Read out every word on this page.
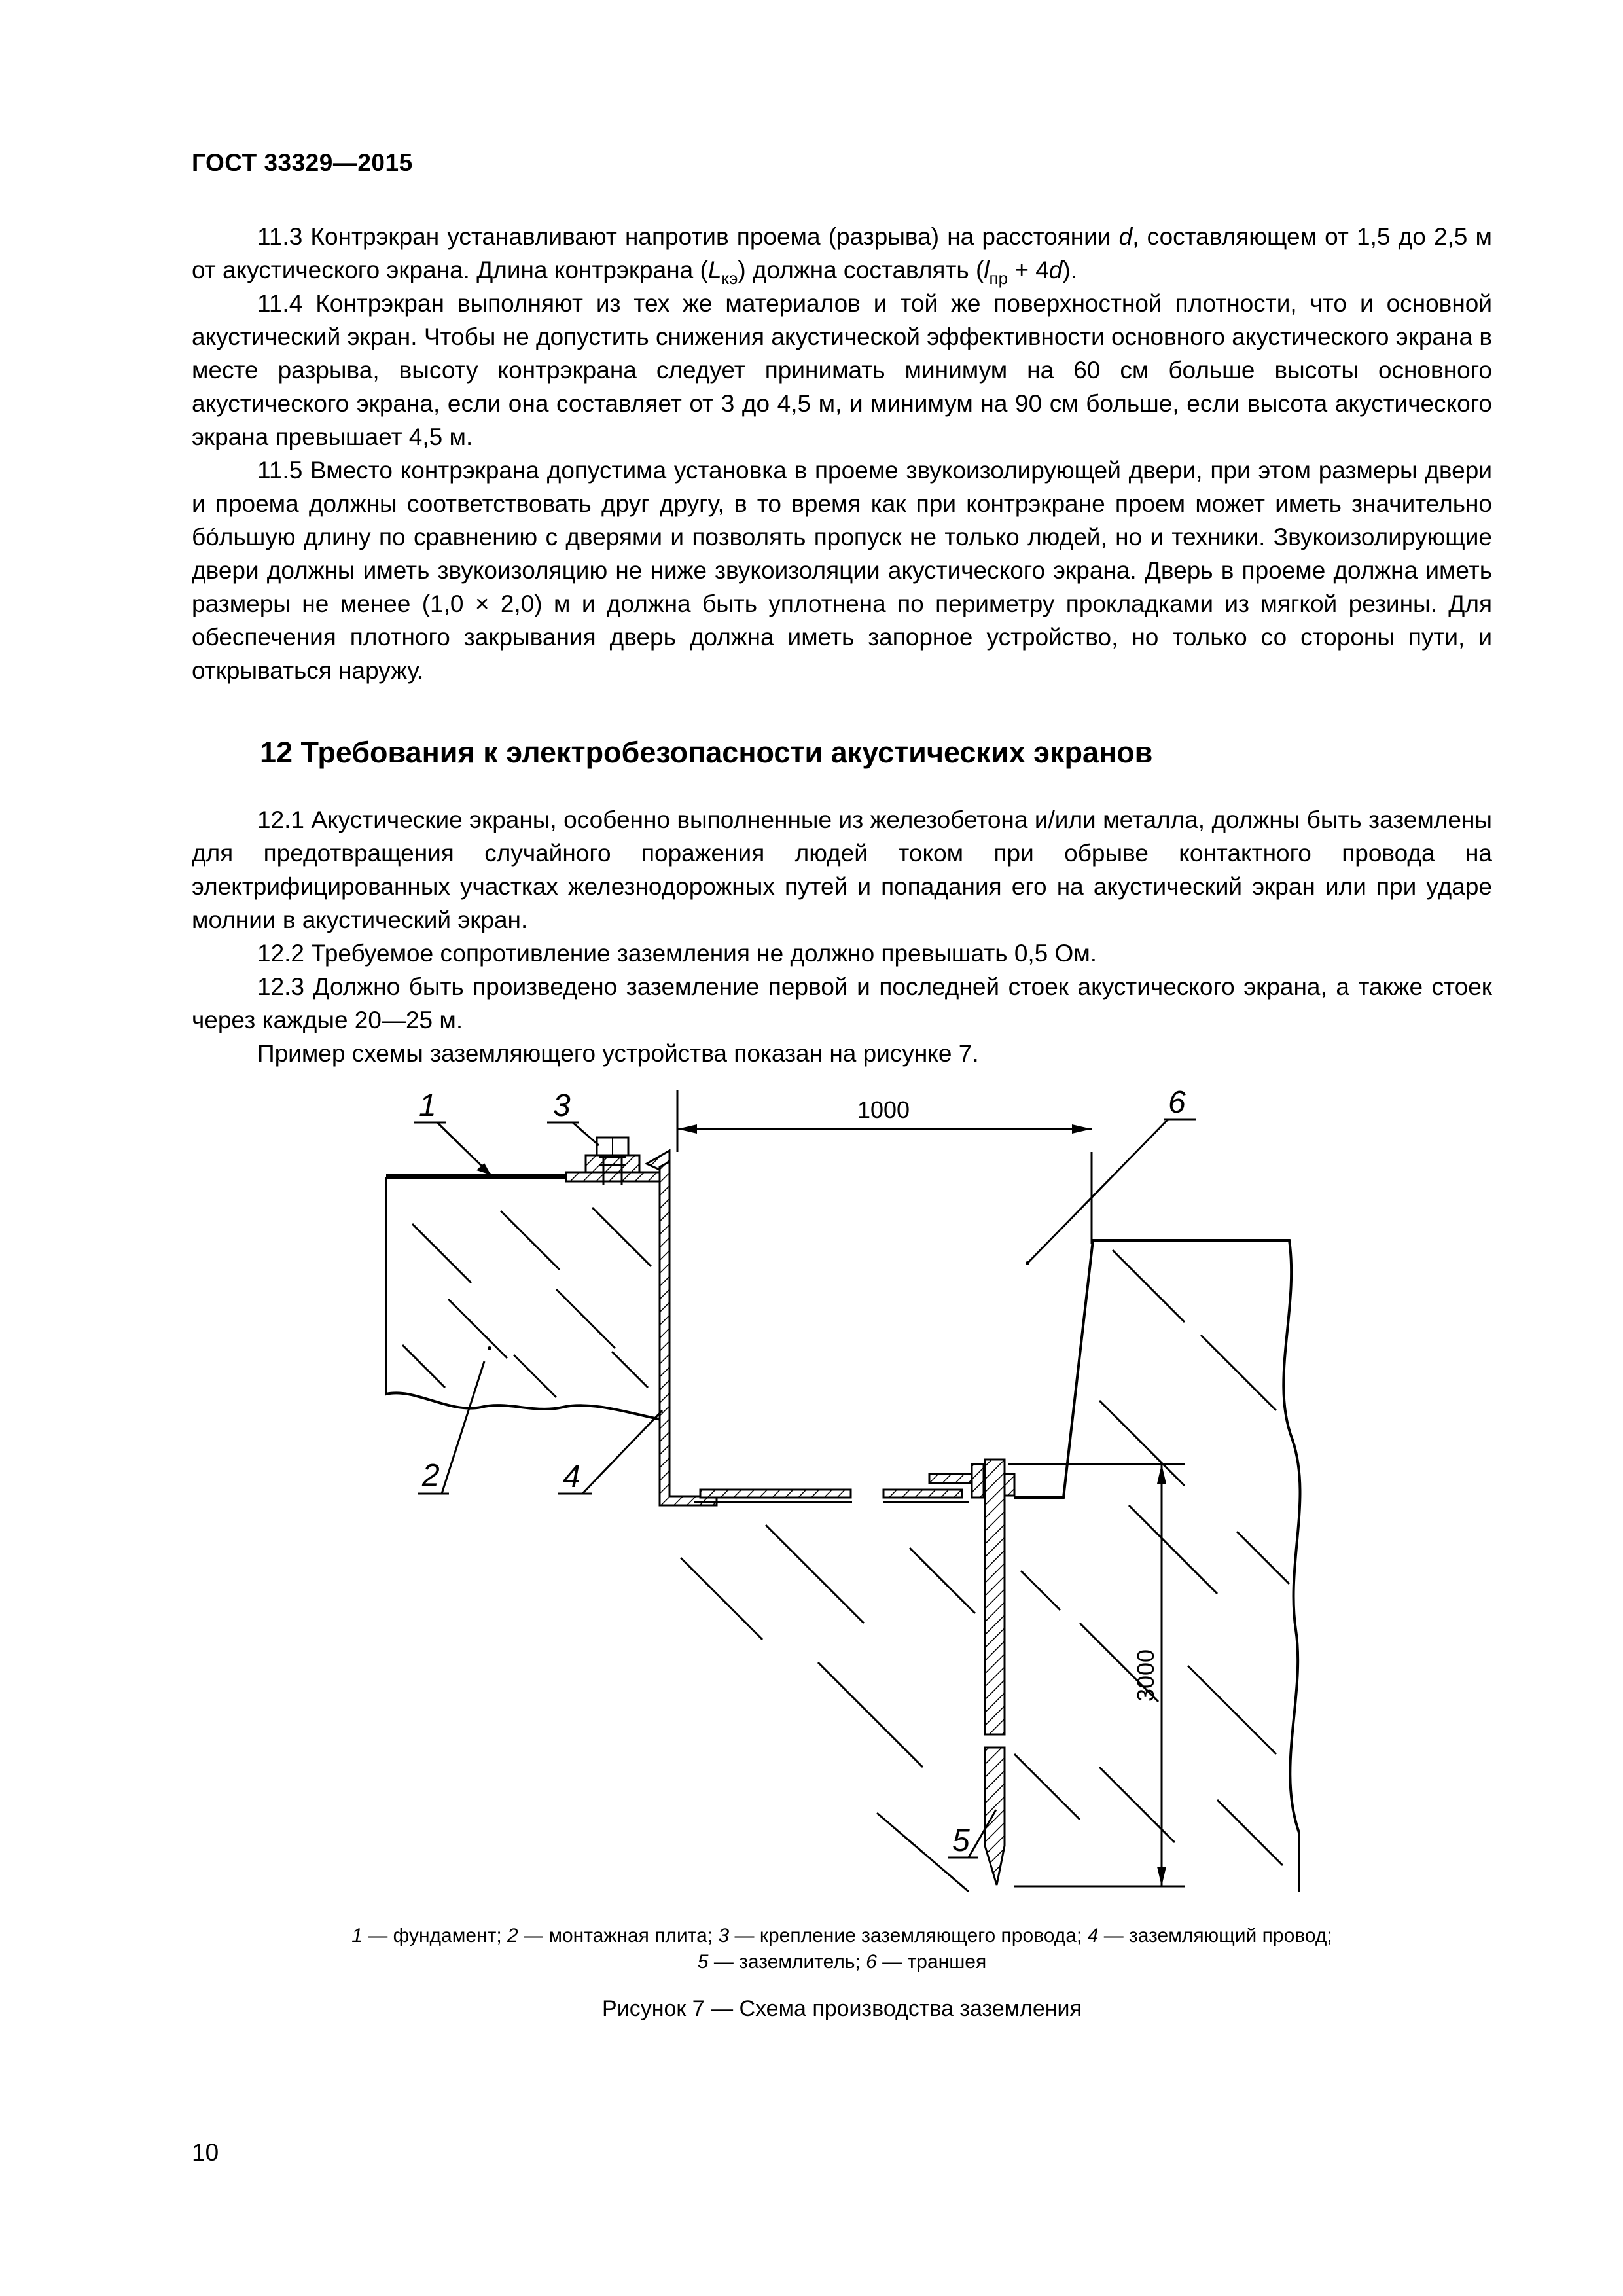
ГОСТ 33329—2015

11.3 Контрэкран устанавливают напротив проема (разрыва) на расстоянии d, составляющем от 1,5 до 2,5 м от акустического экрана. Длина контрэкрана $(L_{кэ})$ должна составлять $(l_{пр} + 4d)$.

11.4 Контрэкран выполняют из тех же материалов и той же поверхностной плотности, что и основной акустический экран. Чтобы не допустить снижения акустической эффективности основного акустического экрана в месте разрыва, высоту контрэкрана следует принимать минимум на 60 см больше высоты основного акустического экрана, если она составляет от 3 до 4,5 м, и минимум на 90 см больше, если высота акустического экрана превышает 4,5 м.

11.5 Вместо контрэкрана допустима установка в проеме звукоизолирующей двери, при этом размеры двери и проема должны соответствовать друг другу, в то время как при контрэкране проем может иметь значительно бо́льшую длину по сравнению с дверями и позволять пропуск не только людей, но и техники. Звукоизолирующие двери должны иметь звукоизоляцию не ниже звукоизоляции акустического экрана. Дверь в проеме должна иметь размеры не менее (1,0 × 2,0) м и должна быть уплотнена по периметру прокладками из мягкой резины. Для обеспечения плотного закрывания дверь должна иметь запорное устройство, но только со стороны пути, и открываться наружу.

12 Требования к электробезопасности акустических экранов

12.1 Акустические экраны, особенно выполненные из железобетона и/или металла, должны быть заземлены для предотвращения случайного поражения людей током при обрыве контактного провода на электрифицированных участках железнодорожных путей и попадания его на акустический экран или при ударе молнии в акустический экран.

12.2 Требуемое сопротивление заземления не должно превышать 0,5 Ом.

12.3 Должно быть произведено заземление первой и последней стоек акустического экрана, а также стоек через каждые 20—25 м.

Пример схемы заземляющего устройства показан на рисунке 7.

1000
3000
1
2
3
4
5
6
1 — фундамент; 2 — монтажная плита; 3 — крепление заземляющего провода; 4 — заземляющий провод;
5 — заземлитель; 6 — траншея
Рисунок 7 — Схема производства заземления
10
